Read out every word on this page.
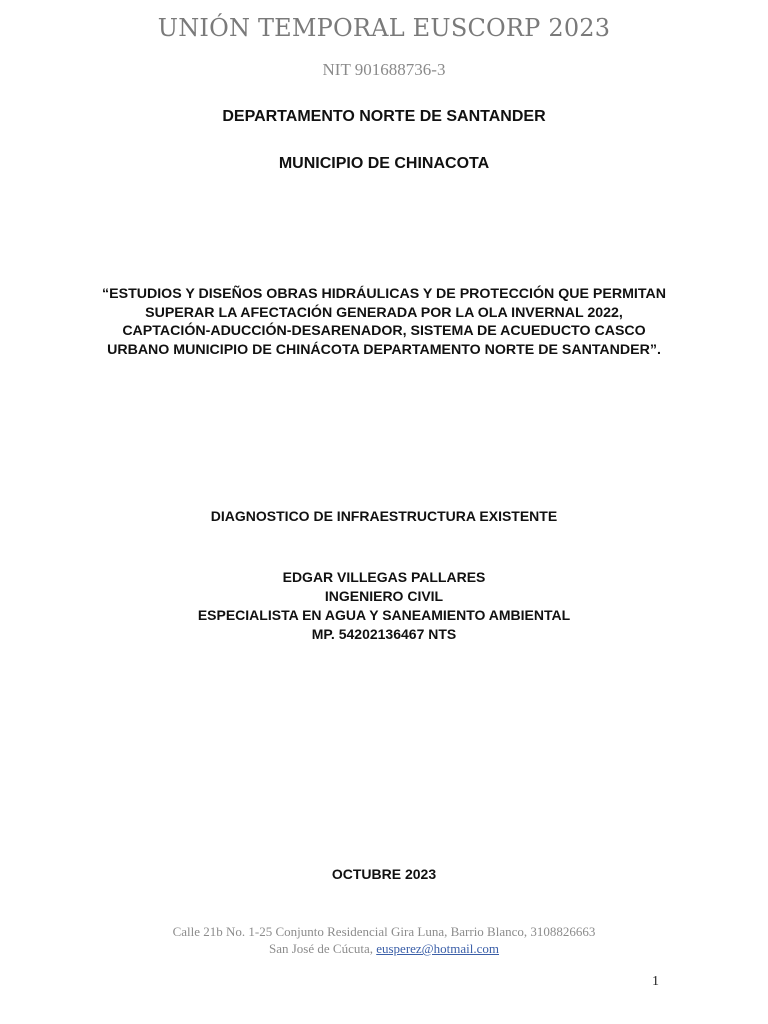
UNIÓN TEMPORAL EUSCORP 2023
NIT 901688736-3
DEPARTAMENTO NORTE DE SANTANDER
MUNICIPIO DE CHINACOTA
“ESTUDIOS Y DISEÑOS OBRAS HIDRÁULICAS Y DE PROTECCIÓN QUE PERMITAN SUPERAR LA AFECTACIÓN GENERADA POR LA OLA INVERNAL 2022, CAPTACIÓN-ADUCCIÓN-DESARENADOR, SISTEMA DE ACUEDUCTO CASCO URBANO MUNICIPIO DE CHINÁCOTA DEPARTAMENTO NORTE DE SANTANDER”.
DIAGNOSTICO DE INFRAESTRUCTURA EXISTENTE
EDGAR VILLEGAS PALLARES
INGENIERO CIVIL
ESPECIALISTA EN AGUA Y SANEAMIENTO AMBIENTAL
MP. 54202136467 NTS
OCTUBRE 2023
Calle 21b No. 1-25 Conjunto Residencial Gira Luna, Barrio Blanco, 3108826663
San José de Cúcuta, eusperez@hotmail.com
1
